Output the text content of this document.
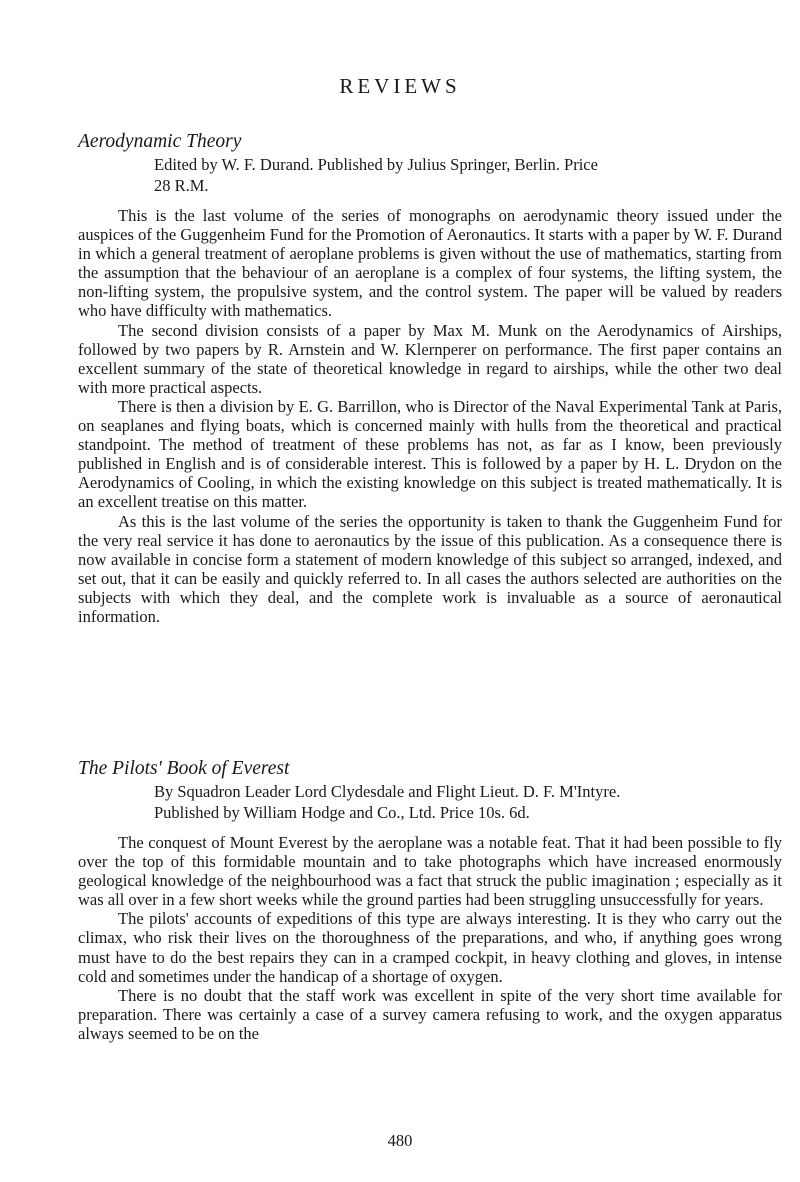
REVIEWS
Aerodynamic Theory

Edited by W. F. Durand. Published by Julius Springer, Berlin. Price
28 R.M.

This is the last volume of the series of monographs on aerodynamic theory issued under the auspices of the Guggenheim Fund for the Promotion of Aeronautics. It starts with a paper by W. F. Durand in which a general treatment of aeroplane problems is given without the use of mathematics, starting from the assumption that the behaviour of an aeroplane is a complex of four systems, the lifting system, the non-lifting system, the propulsive system, and the control system. The paper will be valued by readers who have difficulty with mathematics.

The second division consists of a paper by Max M. Munk on the Aerodynamics of Airships, followed by two papers by R. Arnstein and W. Klernperer on performance. The first paper contains an excellent summary of the state of theoretical knowledge in regard to airships, while the other two deal with more practical aspects.

There is then a division by E. G. Barrillon, who is Director of the Naval Experimental Tank at Paris, on seaplanes and flying boats, which is concerned mainly with hulls from the theoretical and practical standpoint. The method of treatment of these problems has not, as far as I know, been previously published in English and is of considerable interest. This is followed by a paper by H. L. Drydon on the Aerodynamics of Cooling, in which the existing knowledge on this subject is treated mathematically. It is an excellent treatise on this matter.

As this is the last volume of the series the opportunity is taken to thank the Guggenheim Fund for the very real service it has done to aeronautics by the issue of this publication. As a consequence there is now available in concise form a statement of modern knowledge of this subject so arranged, indexed, and set out, that it can be easily and quickly referred to. In all cases the authors selected are authorities on the subjects with which they deal, and the complete work is invaluable as a source of aeronautical information.

The Pilots' Book of Everest

By Squadron Leader Lord Clydesdale and Flight Lieut. D. F. M'Intyre.
Published by William Hodge and Co., Ltd. Price 10s. 6d.

The conquest of Mount Everest by the aeroplane was a notable feat. That it had been possible to fly over the top of this formidable mountain and to take photographs which have increased enormously geological knowledge of the neighbourhood was a fact that struck the public imagination ; especially as it was all over in a few short weeks while the ground parties had been struggling unsuccessfully for years.

The pilots' accounts of expeditions of this type are always interesting. It is they who carry out the climax, who risk their lives on the thoroughness of the preparations, and who, if anything goes wrong must have to do the best repairs they can in a cramped cockpit, in heavy clothing and gloves, in intense cold and sometimes under the handicap of a shortage of oxygen.

There is no doubt that the staff work was excellent in spite of the very short time available for preparation. There was certainly a case of a survey camera refusing to work, and the oxygen apparatus always seemed to be on the

480
